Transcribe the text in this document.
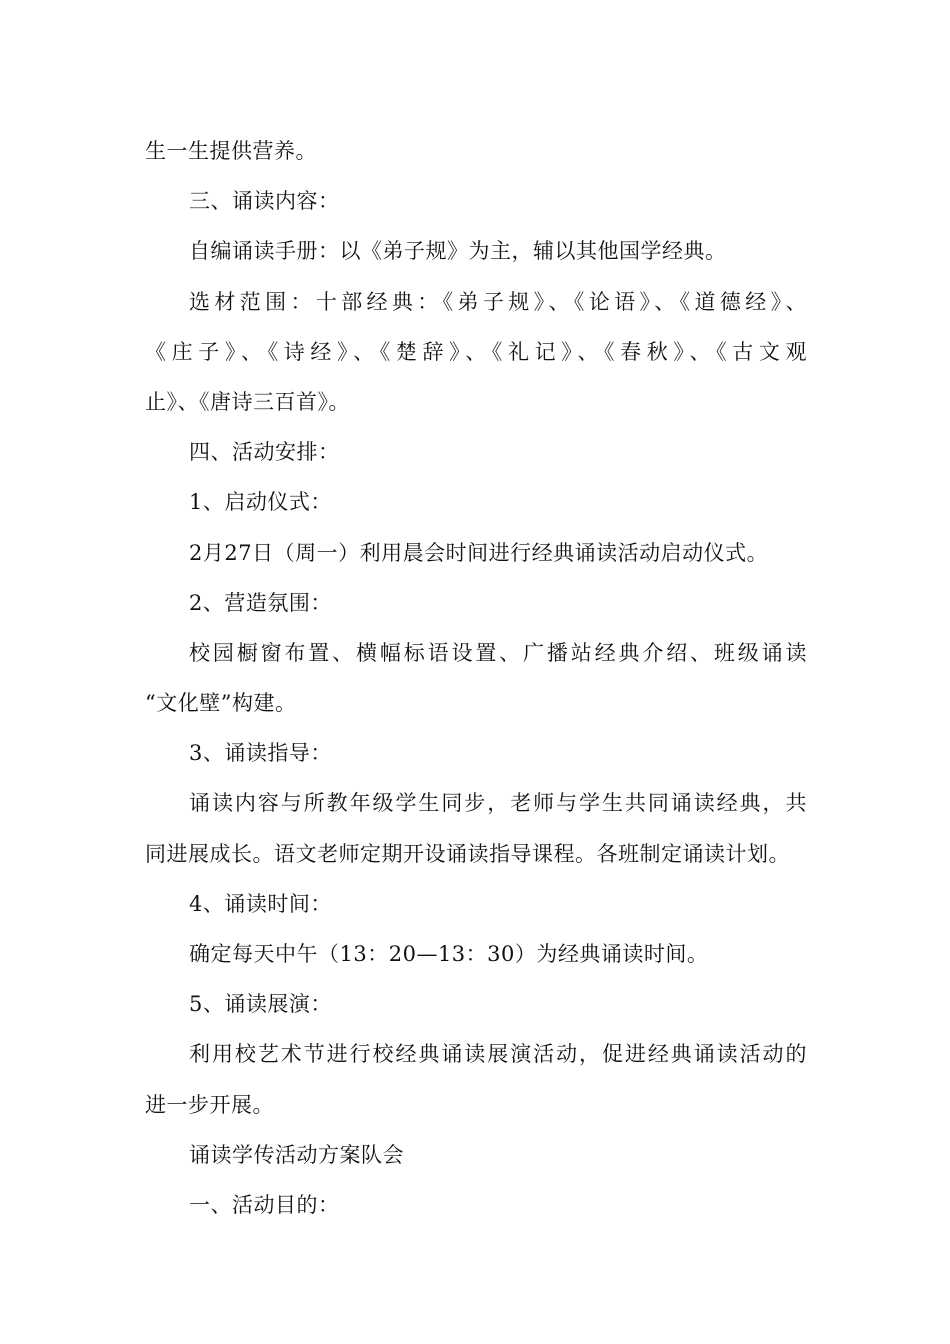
生一生提供营养。
三、诵读内容：
自编诵读手册：以《弟子规》为主，辅以其他国学经典。
选材范围：十部经典：《弟子规》、《论语》、《道德经》、
《庄子》、《诗经》、《楚辞》、《礼记》、《春秋》、《古文观
止》、《唐诗三百首》。
四、活动安排：
1、启动仪式：
2月27日（周一）利用晨会时间进行经典诵读活动启动仪式。
2、营造氛围：
校园橱窗布置、横幅标语设置、广播站经典介绍、班级诵读
“文化壁”构建。
3、诵读指导：
诵读内容与所教年级学生同步，老师与学生共同诵读经典，共
同进展成长。语文老师定期开设诵读指导课程。各班制定诵读计划。
4、诵读时间：
确定每天中午（13：20—13：30）为经典诵读时间。
5、诵读展演：
利用校艺术节进行校经典诵读展演活动，促进经典诵读活动的
进一步开展。
诵读学传活动方案队会
一、活动目的：
